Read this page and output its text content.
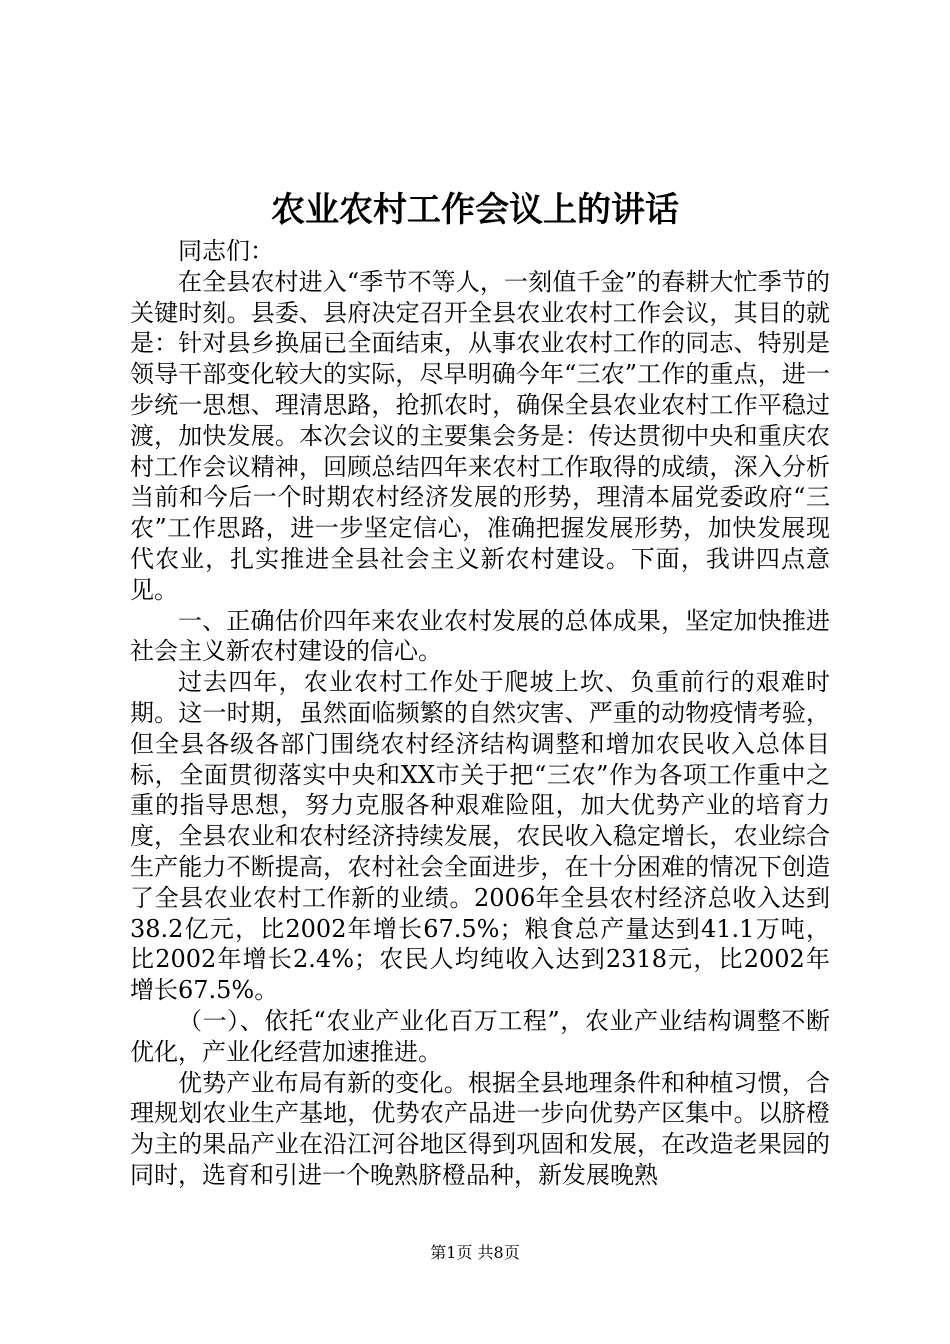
农业农村工作会议上的讲话

同志们：

在全县农村进入“季节不等人，一刻值千金”的春耕大忙季节的关键时刻。县委、县府决定召开全县农业农村工作会议，其目的就是：针对县乡换届已全面结束，从事农业农村工作的同志、特别是领导干部变化较大的实际，尽早明确今年“三农”工作的重点，进一步统一思想、理清思路，抢抓农时，确保全县农业农村工作平稳过渡，加快发展。本次会议的主要集会务是：传达贯彻中央和重庆农村工作会议精神，回顾总结四年来农村工作取得的成绩，深入分析当前和今后一个时期农村经济发展的形势，理清本届党委政府“三农”工作思路，进一步坚定信心，准确把握发展形势，加快发展现代农业，扎实推进全县社会主义新农村建设。下面，我讲四点意见。

一、正确估价四年来农业农村发展的总体成果，坚定加快推进社会主义新农村建设的信心。

过去四年，农业农村工作处于爬坡上坎、负重前行的艰难时期。这一时期，虽然面临频繁的自然灾害、严重的动物疫情考验，但全县各级各部门围绕农村经济结构调整和增加农民收入总体目标，全面贯彻落实中央和XX市关于把“三农”作为各项工作重中之重的指导思想，努力克服各种艰难险阻，加大优势产业的培育力度，全县农业和农村经济持续发展，农民收入稳定增长，农业综合生产能力不断提高，农村社会全面进步，在十分困难的情况下创造了全县农业农村工作新的业绩。2006年全县农村经济总收入达到38.2亿元，比2002年增长67.5%；粮食总产量达到41.1万吨，比2002年增长2.4%；农民人均纯收入达到2318元，比2002年增长67.5%。

（一）、依托“农业产业化百万工程”，农业产业结构调整不断优化，产业化经营加速推进。

优势产业布局有新的变化。根据全县地理条件和种植习惯，合理规划农业生产基地，优势农产品进一步向优势产区集中。以脐橙为主的果品产业在沿江河谷地区得到巩固和发展，在改造老果园的同时，选育和引进一个晚熟脐橙品种，新发展晚熟

第1页 共8页
